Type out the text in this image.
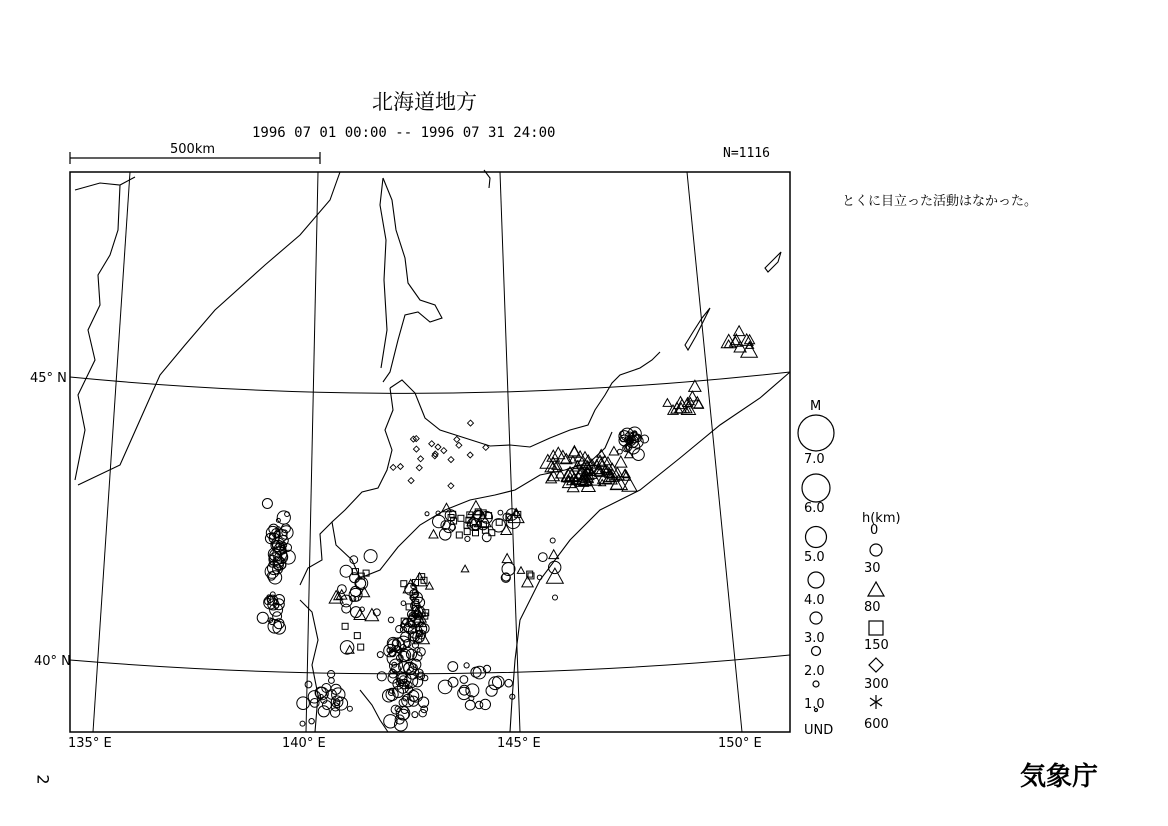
北海道地方
1996 07 01 00:00 -- 1996 07 31 24:00
500km	N=1116
とくに目立った活動はなかった。
気象庁
2
45° N
40° N
135° E	140° E	145° E	150° E
M
7.0
6.0
5.0
4.0
3.0
2.0
1.0
UND
h(km)
0
30
80
150
300
600
